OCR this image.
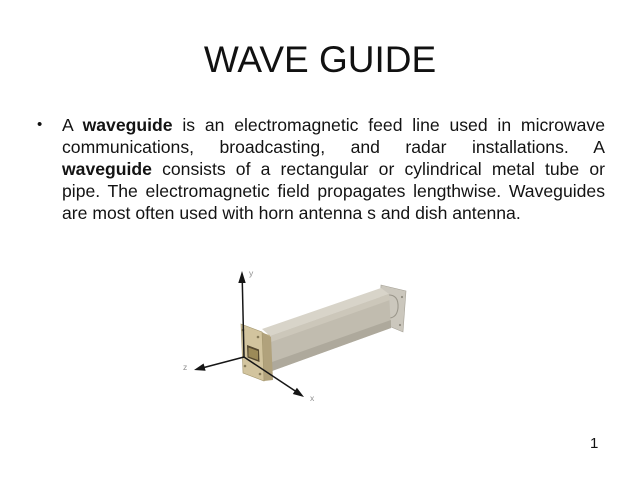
WAVE GUIDE
• A waveguide is an electromagnetic feed line used in microwave
communications, broadcasting, and radar installations. A
waveguide consists of a rectangular or cylindrical metal tube or
pipe. The electromagnetic field propagates lengthwise. Waveguides
are most often used with horn antenna s and dish antenna.
y
z
x
1
